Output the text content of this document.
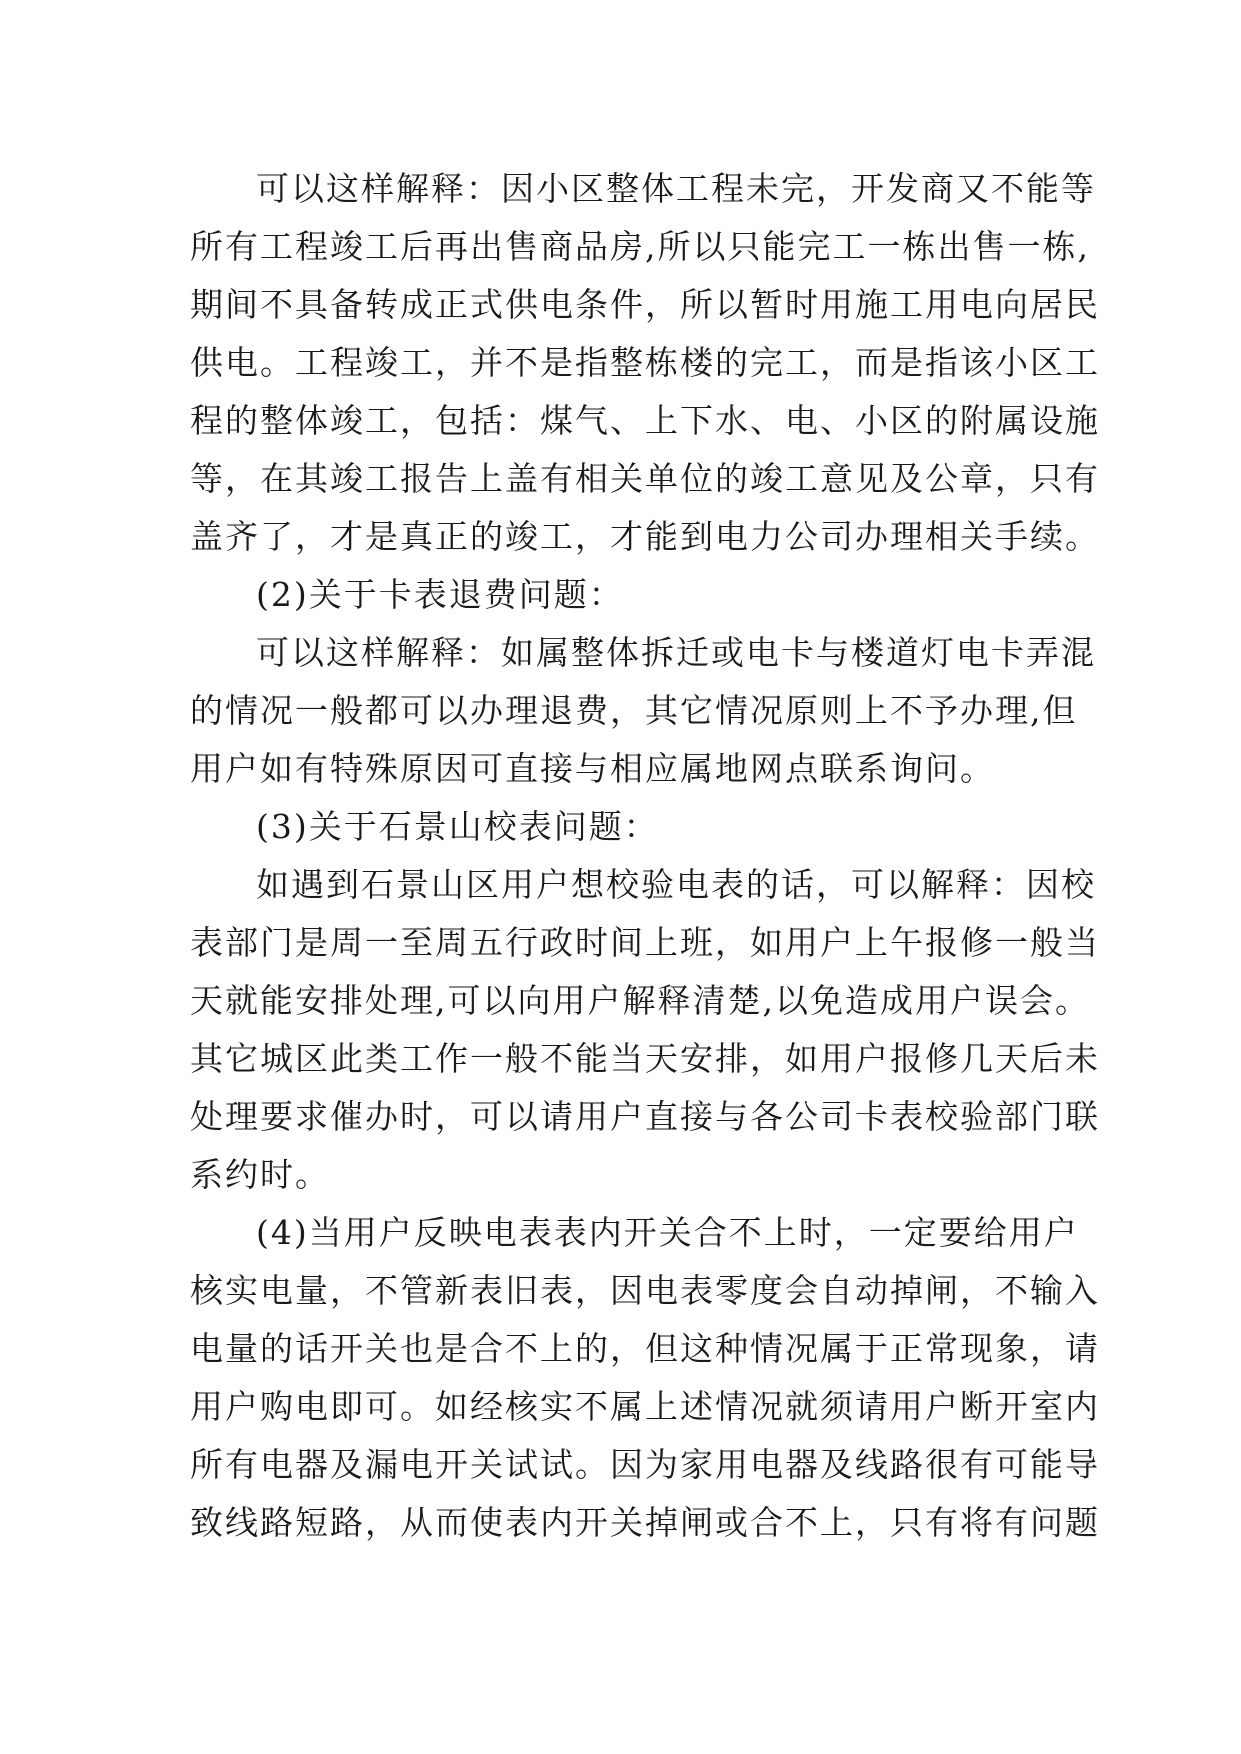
可以这样解释：因小区整体工程未完，开发商又不能等
所有工程竣工后再出售商品房,所以只能完工一栋出售一栋,
期间不具备转成正式供电条件，所以暂时用施工用电向居民
供电。工程竣工，并不是指整栋楼的完工，而是指该小区工
程的整体竣工，包括：煤气、上下水、电、小区的附属设施
等，在其竣工报告上盖有相关单位的竣工意见及公章，只有
盖齐了，才是真正的竣工，才能到电力公司办理相关手续。
(2)关于卡表退费问题：
可以这样解释：如属整体拆迁或电卡与楼道灯电卡弄混
的情况一般都可以办理退费，其它情况原则上不予办理,但
用户如有特殊原因可直接与相应属地网点联系询问。
(3)关于石景山校表问题：
如遇到石景山区用户想校验电表的话，可以解释：因校
表部门是周一至周五行政时间上班，如用户上午报修一般当
天就能安排处理,可以向用户解释清楚,以免造成用户误会。
其它城区此类工作一般不能当天安排，如用户报修几天后未
处理要求催办时，可以请用户直接与各公司卡表校验部门联
系约时。
(4)当用户反映电表表内开关合不上时，一定要给用户
核实电量，不管新表旧表，因电表零度会自动掉闸，不输入
电量的话开关也是合不上的，但这种情况属于正常现象，请
用户购电即可。如经核实不属上述情况就须请用户断开室内
所有电器及漏电开关试试。因为家用电器及线路很有可能导
致线路短路，从而使表内开关掉闸或合不上，只有将有问题
